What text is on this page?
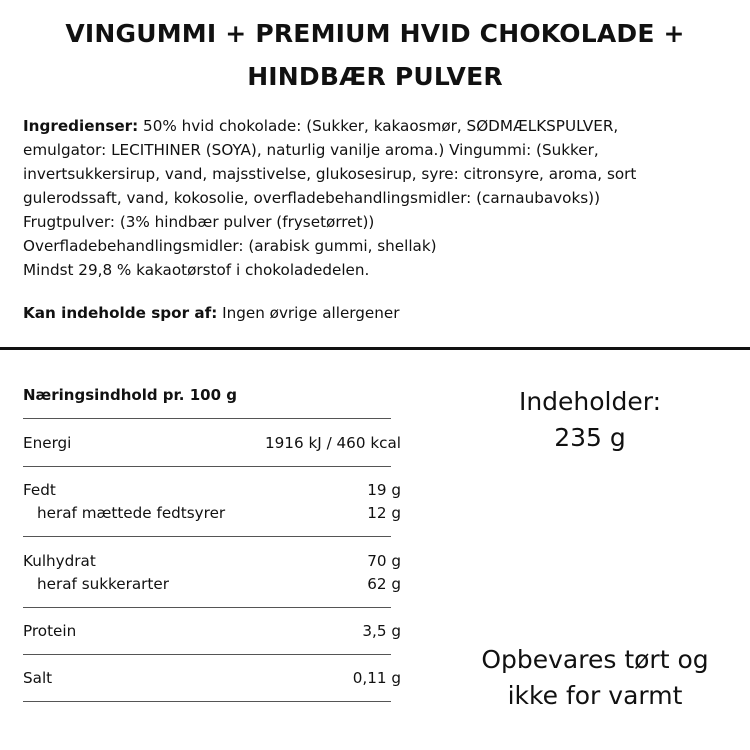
VINGUMMI + PREMIUM HVID CHOKOLADE +
HINDBÆR PULVER
Ingredienser: 50% hvid chokolade: (Sukker, kakaosmør, SØDMÆLKSPULVER,
emulgator: LECITHINER (SOYA), naturlig vanilje aroma.) Vingummi: (Sukker,
invertsukkersirup, vand, majsstivelse, glukosesirup, syre: citronsyre, aroma, sort
gulerodssaft, vand, kokosolie, overfladebehandlingsmidler: (carnaubavoks))
Frugtpulver: (3% hindbær pulver (frysetørret))
Overfladebehandlingsmidler: (arabisk gummi, shellak)
Mindst 29,8 % kakaotørstof i chokoladedelen.
Kan indeholde spor af: Ingen øvrige allergener
Næringsindhold pr. 100 g
Energi	1916 kJ / 460 kcal
Fedt	19 g
heraf mættede fedtsyrer	12 g
Kulhydrat	70 g
heraf sukkerarter	62 g
Protein	3,5 g
Salt	0,11 g
Indeholder:
235 g
Opbevares tørt og
ikke for varmt
